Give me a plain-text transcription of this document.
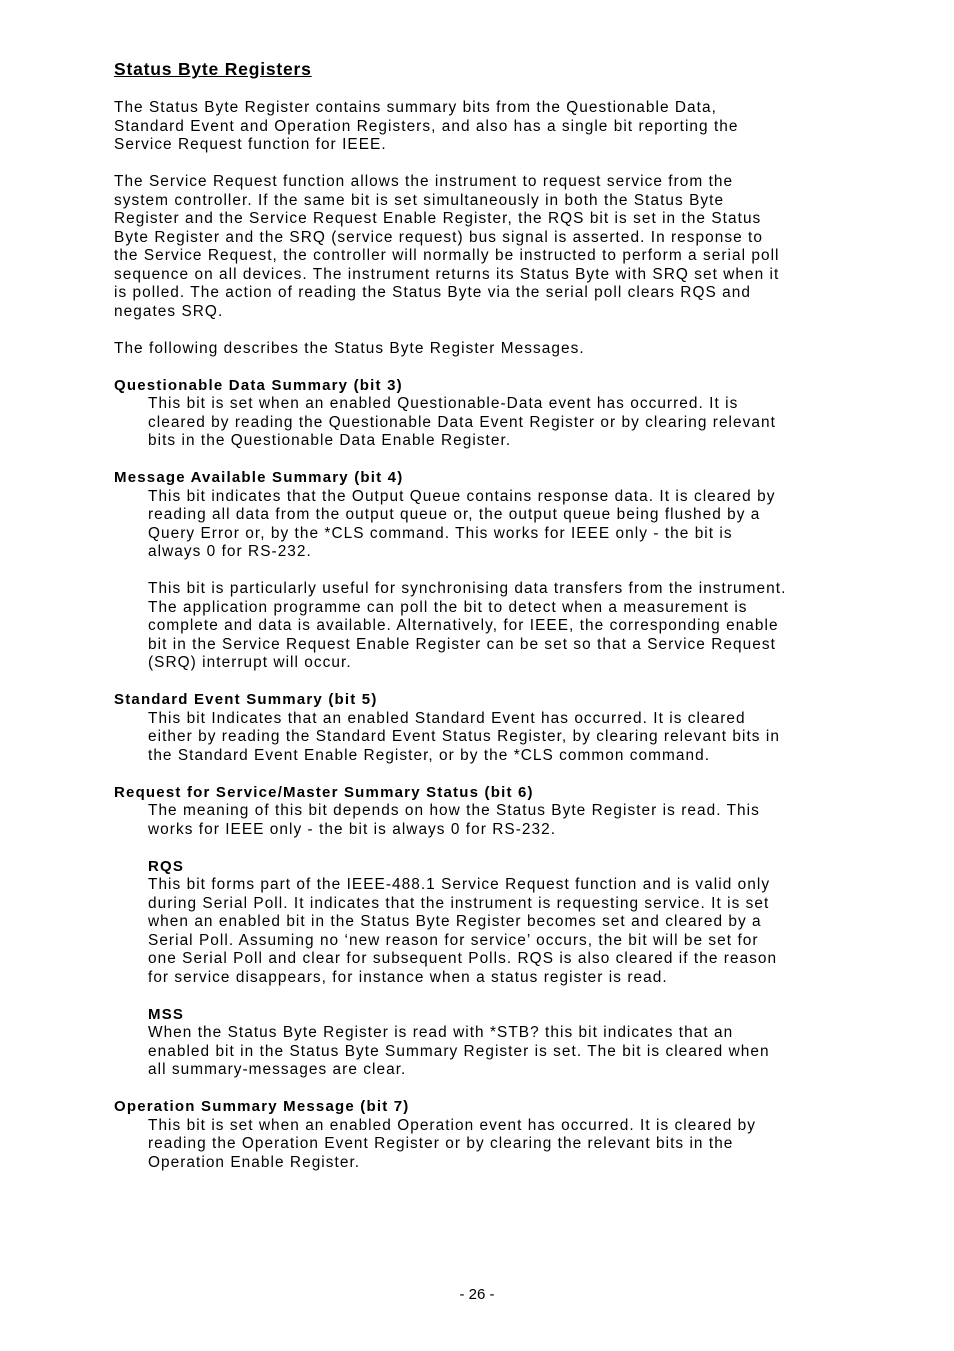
Status Byte Registers
The Status Byte Register contains summary bits from the Questionable Data,
Standard Event and Operation Registers, and also has a single bit reporting the
Service Request function for IEEE.
The Service Request function allows the instrument to request service from the
system controller. If the same bit is set simultaneously in both the Status Byte
Register and the Service Request Enable Register, the RQS bit is set in the Status
Byte Register and the SRQ (service request) bus signal is asserted. In response to
the Service Request, the controller will normally be instructed to perform a serial poll
sequence on all devices. The instrument returns its Status Byte with SRQ set when it
is polled. The action of reading the Status Byte via the serial poll clears RQS and
negates SRQ.
The following describes the Status Byte Register Messages.
Questionable Data Summary (bit 3)
This bit is set when an enabled Questionable-Data event has occurred. It is
cleared by reading the Questionable Data Event Register or by clearing relevant
bits in the Questionable Data Enable Register.
Message Available Summary (bit 4)
This bit indicates that the Output Queue contains response data. It is cleared by
reading all data from the output queue or, the output queue being flushed by a
Query Error or, by the *CLS command. This works for IEEE only - the bit is
always 0 for RS-232.
This bit is particularly useful for synchronising data transfers from the instrument.
The application programme can poll the bit to detect when a measurement is
complete and data is available. Alternatively, for IEEE, the corresponding enable
bit in the Service Request Enable Register can be set so that a Service Request
(SRQ) interrupt will occur.
Standard Event Summary (bit 5)
This bit Indicates that an enabled Standard Event has occurred. It is cleared
either by reading the Standard Event Status Register, by clearing relevant bits in
the Standard Event Enable Register, or by the *CLS common command.
Request for Service/Master Summary Status (bit 6)
The meaning of this bit depends on how the Status Byte Register is read. This
works for IEEE only - the bit is always 0 for RS-232.
RQS
This bit forms part of the IEEE-488.1 Service Request function and is valid only
during Serial Poll. It indicates that the instrument is requesting service. It is set
when an enabled bit in the Status Byte Register becomes set and cleared by a
Serial Poll. Assuming no ‘new reason for service’ occurs, the bit will be set for
one Serial Poll and clear for subsequent Polls. RQS is also cleared if the reason
for service disappears, for instance when a status register is read.
MSS
When the Status Byte Register is read with *STB? this bit indicates that an
enabled bit in the Status Byte Summary Register is set. The bit is cleared when
all summary-messages are clear.
Operation Summary Message (bit 7)
This bit is set when an enabled Operation event has occurred. It is cleared by
reading the Operation Event Register or by clearing the relevant bits in the
Operation Enable Register.
- 26 -
